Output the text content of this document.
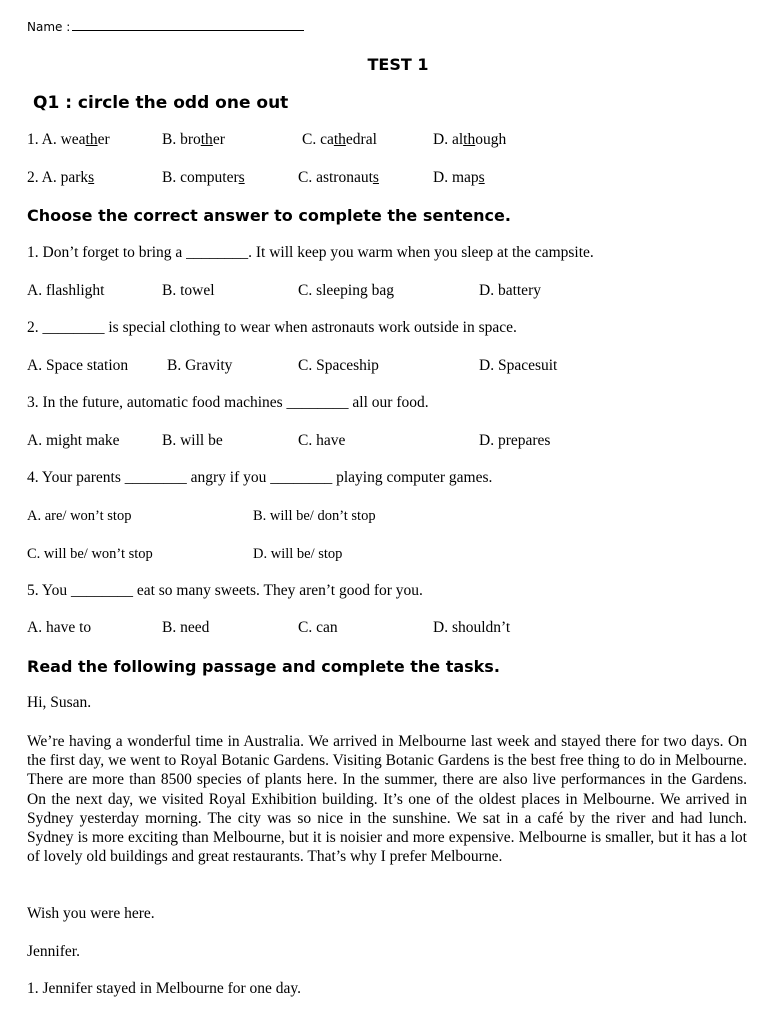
Name :
TEST 1
Q1 : circle the odd one out
1. A. weather	B. brother	C. cathedral	D. although
2. A. parks	B. computers	C. astronauts	D. maps
Choose the correct answer to complete the sentence.
1. Don’t forget to bring a ________. It will keep you warm when you sleep at the campsite.
A. flashlight	B. towel	C. sleeping bag	D. battery
2. ________ is special clothing to wear when astronauts work outside in space.
A. Space station	B. Gravity	C. Spaceship	D. Spacesuit
3. In the future, automatic food machines ________ all our food.
A. might make	B. will be	C. have	D. prepares
4. Your parents ________ angry if you ________ playing computer games.
A. are/ won’t stop	B. will be/ don’t stop
C. will be/ won’t stop	D. will be/ stop
5. You ________ eat so many sweets. They aren’t good for you.
A. have to	B. need	C. can	D. shouldn’t
Read the following passage and complete the tasks.
Hi, Susan.
We’re having a wonderful time in Australia. We arrived in Melbourne last week and stayed there for two days. On the first day, we went to Royal Botanic Gardens. Visiting Botanic Gardens is the best free thing to do in Melbourne. There are more than 8500 species of plants here. In the summer, there are also live performances in the Gardens. On the next day, we visited Royal Exhibition building. It’s one of the oldest places in Melbourne. We arrived in Sydney yesterday morning. The city was so nice in the sunshine. We sat in a café by the river and had lunch. Sydney is more exciting than Melbourne, but it is noisier and more expensive. Melbourne is smaller, but it has a lot of lovely old buildings and great restaurants. That’s why I prefer Melbourne.
Wish you were here.
Jennifer.
1. Jennifer stayed in Melbourne for one day.
